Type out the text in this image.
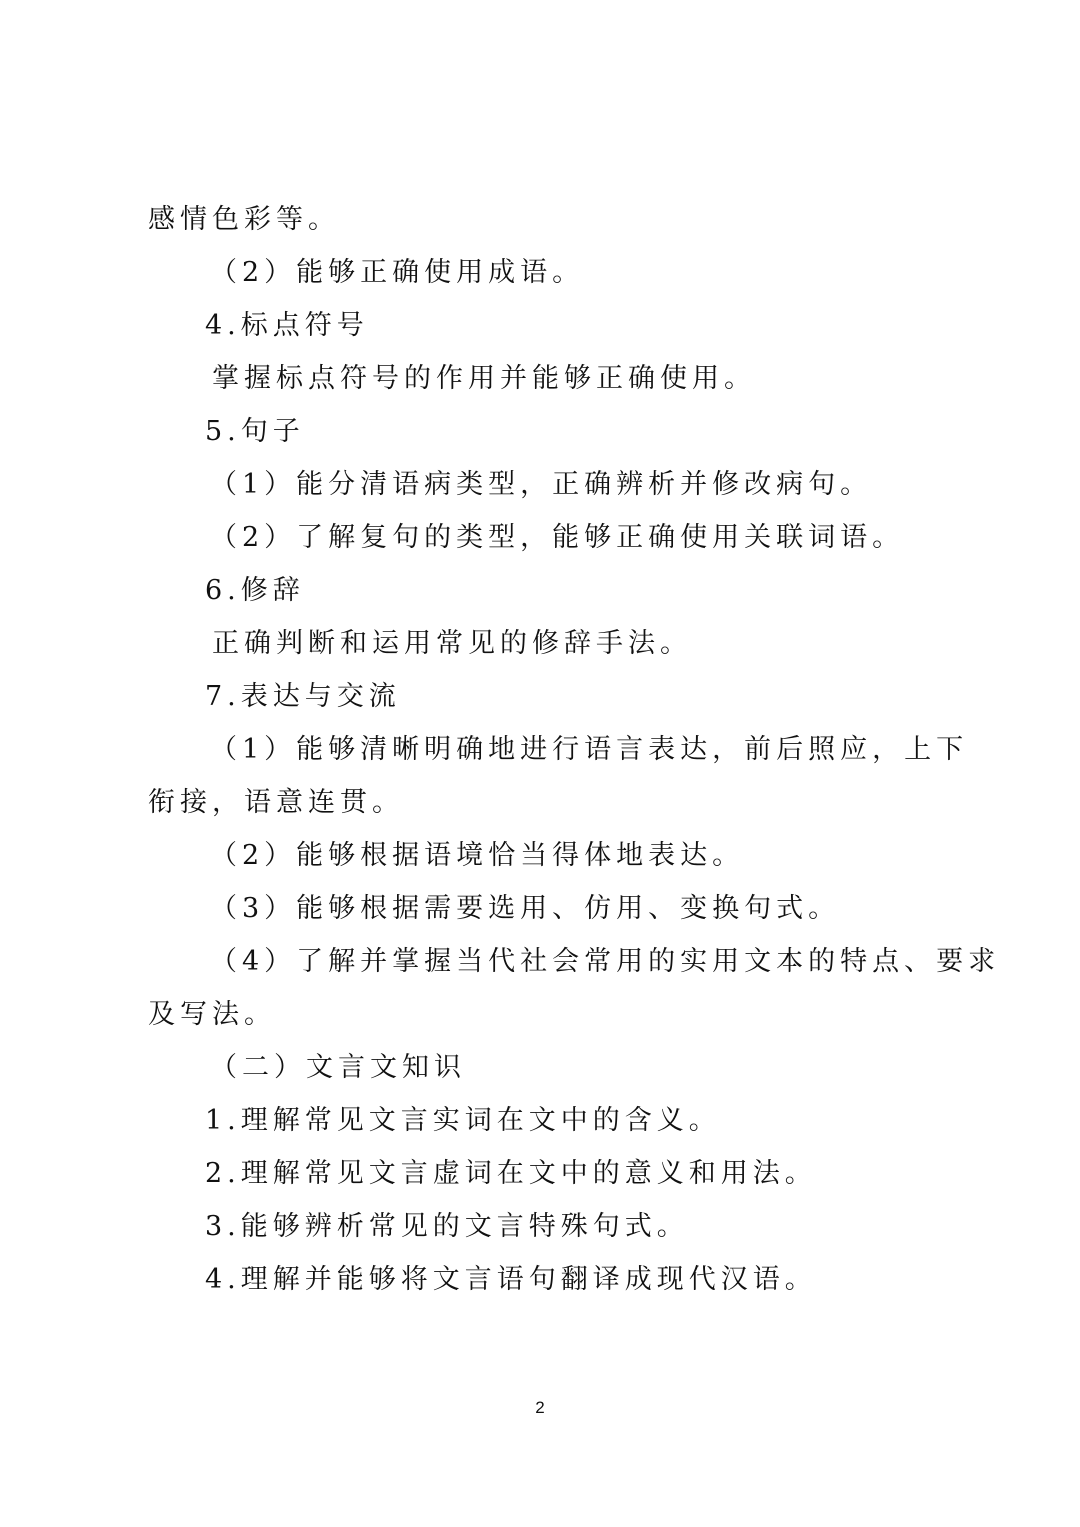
感情色彩等。
（2）能够正确使用成语。
4.标点符号
掌握标点符号的作用并能够正确使用。
5.句子
（1）能分清语病类型，正确辨析并修改病句。
（2）了解复句的类型，能够正确使用关联词语。
6.修辞
正确判断和运用常见的修辞手法。
7.表达与交流
（1）能够清晰明确地进行语言表达，前后照应，上下
衔接，语意连贯。
（2）能够根据语境恰当得体地表达。
（3）能够根据需要选用、仿用、变换句式。
（4）了解并掌握当代社会常用的实用文本的特点、要求
及写法。
（二）文言文知识
1.理解常见文言实词在文中的含义。
2.理解常见文言虚词在文中的意义和用法。
3.能够辨析常见的文言特殊句式。
4.理解并能够将文言语句翻译成现代汉语。
2
